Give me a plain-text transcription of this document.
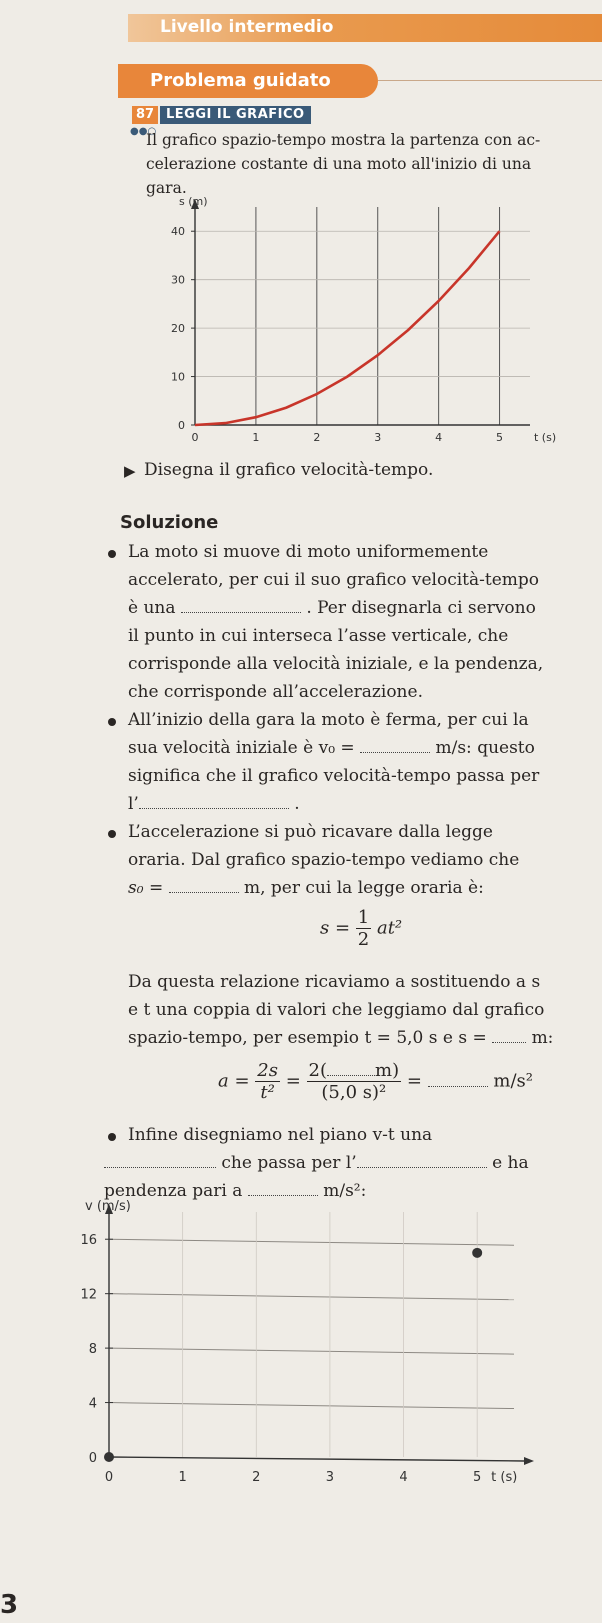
Livello intermedio
Problema guidato
87 LEGGI IL GRAFICO
●●○
Il grafico spazio-tempo mostra la partenza con ac-
celerazione costante di una moto all'inizio di una
gara.
0
10
20
30
40
0	1	2	3	4	5	t (s)
s (m)
▶ Disegna il grafico velocità-tempo.
Soluzione
La moto si muove di moto uniformemente
accelerato, per cui il suo grafico velocità-tempo
è una	. Per disegnarla ci servono
il punto in cui interseca l’asse verticale, che
corrisponde alla velocità iniziale, e la pendenza,
che corrisponde all’accelerazione.
All’inizio della gara la moto è ferma, per cui la
sua velocità iniziale è v₀ =	m/s: questo
significa che il grafico velocità-tempo passa per
l’	.
L’accelerazione si può ricavare dalla legge
oraria. Dal grafico spazio-tempo vediamo che
s₀ =	m, per cui la legge oraria è:
$s = \frac{1}{2} at^2$
Da questa relazione ricaviamo a sostituendo a s
e t una coppia di valori che leggiamo dal grafico
spazio-tempo, per esempio t = 5,0 s e s =	m:
$a = \frac{2s}{\text{t²}} = 2$(	m)
(5,0 s)² =	m/s²
Infine disegniamo nel piano v-t una
che passa per l’	e ha
pendenza pari a	m/s²:
0
4
8
12
16
0	1	2	3	4	5 t (s)
v (m/s)
3
